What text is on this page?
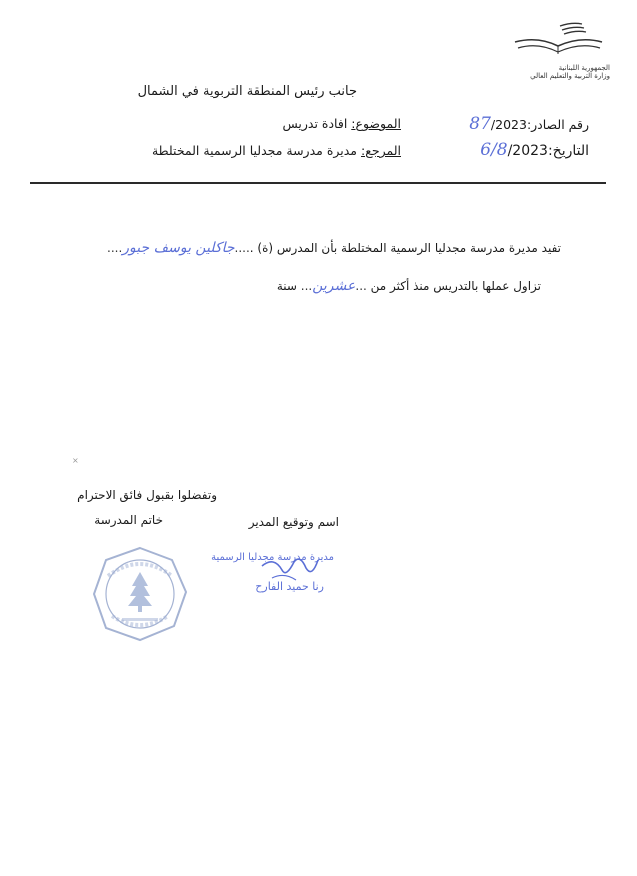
الجمهورية اللبنانية
وزارة التربية والتعليم العالي
جانب رئيس المنطقة التربوية في الشمال
رقم الصادر:87/2023
الموضوع: افادة تدريس
التاريخ:6/8/2023
المرجع: مديرة مدرسة مجدليا الرسمية المختلطة
تفيد مديرة مدرسة مجدليا الرسمية المختلطة بأن المدرس (ة) .....جاكلين يوسف جبور....
تزاول عملها بالتدريس منذ أكثر من ...عشرين... سنة
×
وتفضلوا بقبول فائق الاحترام
اسم وتوقيع المدير
خاتم المدرسة
مديرة مدرسة مجدليا الرسمية
رنا حميد الفارح
